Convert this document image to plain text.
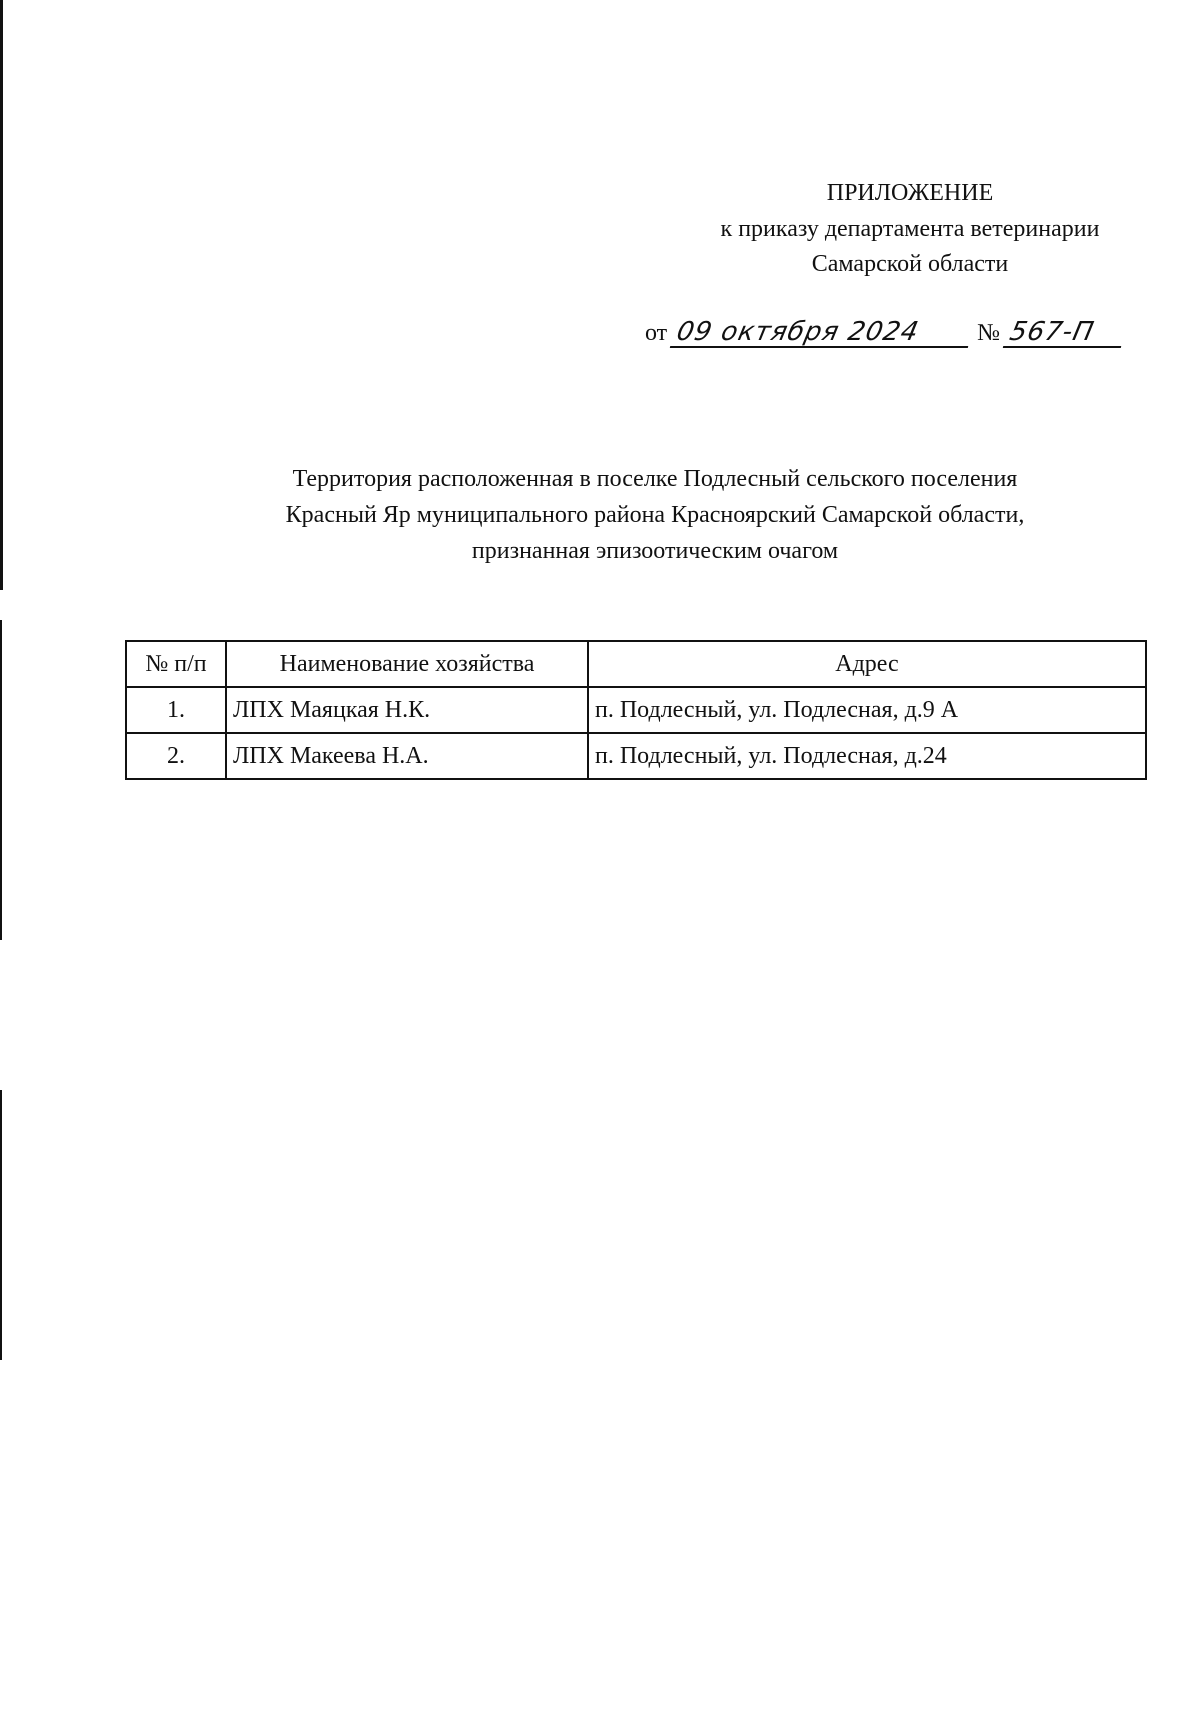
ПРИЛОЖЕНИЕ
к приказу департамента ветеринарии
Самарской области
от 09 октября 2024 № 567-П
Территория расположенная в поселке Подлесный сельского поселения
Красный Яр муниципального района Красноярский Самарской области,
признанная эпизоотическим очагом
№ п/п	Наименование хозяйства	Адрес
1.	ЛПХ Маяцкая Н.К.	п. Подлесный, ул. Подлесная, д.9 А
2.	ЛПХ Макеева Н.А.	п. Подлесный, ул. Подлесная, д.24
